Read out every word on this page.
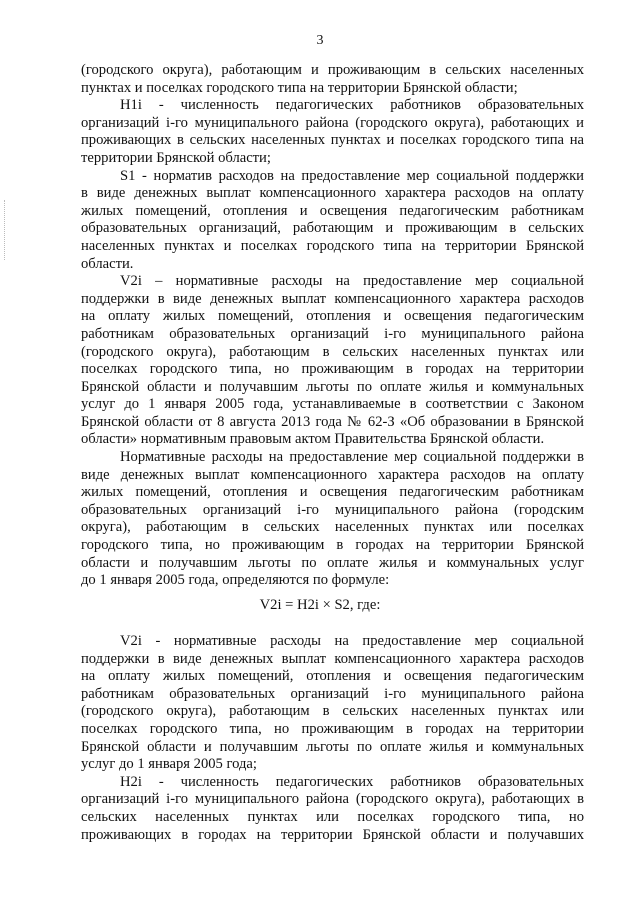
3
(городского округа), работающим и проживающим в сельских населенных
пунктах и поселках городского типа на территории Брянской области;
H1i - численность педагогических работников образовательных
организаций i-го муниципального района (городского округа), работающих и
проживающих в сельских населенных пунктах и поселках городского типа на
территории Брянской области;
S1 - норматив расходов на предоставление мер социальной поддержки
в виде денежных выплат компенсационного характера расходов на оплату
жилых помещений, отопления и освещения педагогическим работникам
образовательных организаций, работающим и проживающим в сельских
населенных пунктах и поселках городского типа на территории Брянской
области.
V2i – нормативные расходы на предоставление мер социальной
поддержки в виде денежных выплат компенсационного характера расходов
на оплату жилых помещений, отопления и освещения педагогическим
работникам образовательных организаций i-го муниципального района
(городского округа), работающим в сельских населенных пунктах или
поселках городского типа, но проживающим в городах на территории
Брянской области и получавшим льготы по оплате жилья и коммунальных
услуг до 1 января 2005 года, устанавливаемые в соответствии с Законом
Брянской области от 8 августа 2013 года № 62-З «Об образовании в Брянской
области» нормативным правовым актом Правительства Брянской области.
Нормативные расходы на предоставление мер социальной поддержки в
виде денежных выплат компенсационного характера расходов на оплату
жилых помещений, отопления и освещения педагогическим работникам
образовательных организаций i-го муниципального района (городским
округа), работающим в сельских населенных пунктах или поселках
городского типа, но проживающим в городах на территории Брянской
области и получавшим льготы по оплате жилья и коммунальных услуг
до 1 января 2005 года, определяются по формуле:
V2i = H2i × S2, где:
V2i - нормативные расходы на предоставление мер социальной
поддержки в виде денежных выплат компенсационного характера расходов
на оплату жилых помещений, отопления и освещения педагогическим
работникам образовательных организаций i-го муниципального района
(городского округа), работающим в сельских населенных пунктах или
поселках городского типа, но проживающим в городах на территории
Брянской области и получавшим льготы по оплате жилья и коммунальных
услуг до 1 января 2005 года;
H2i - численность педагогических работников образовательных
организаций i-го муниципального района (городского округа), работающих в
сельских населенных пунктах или поселках городского типа, но
проживающих в городах на территории Брянской области и получавших
